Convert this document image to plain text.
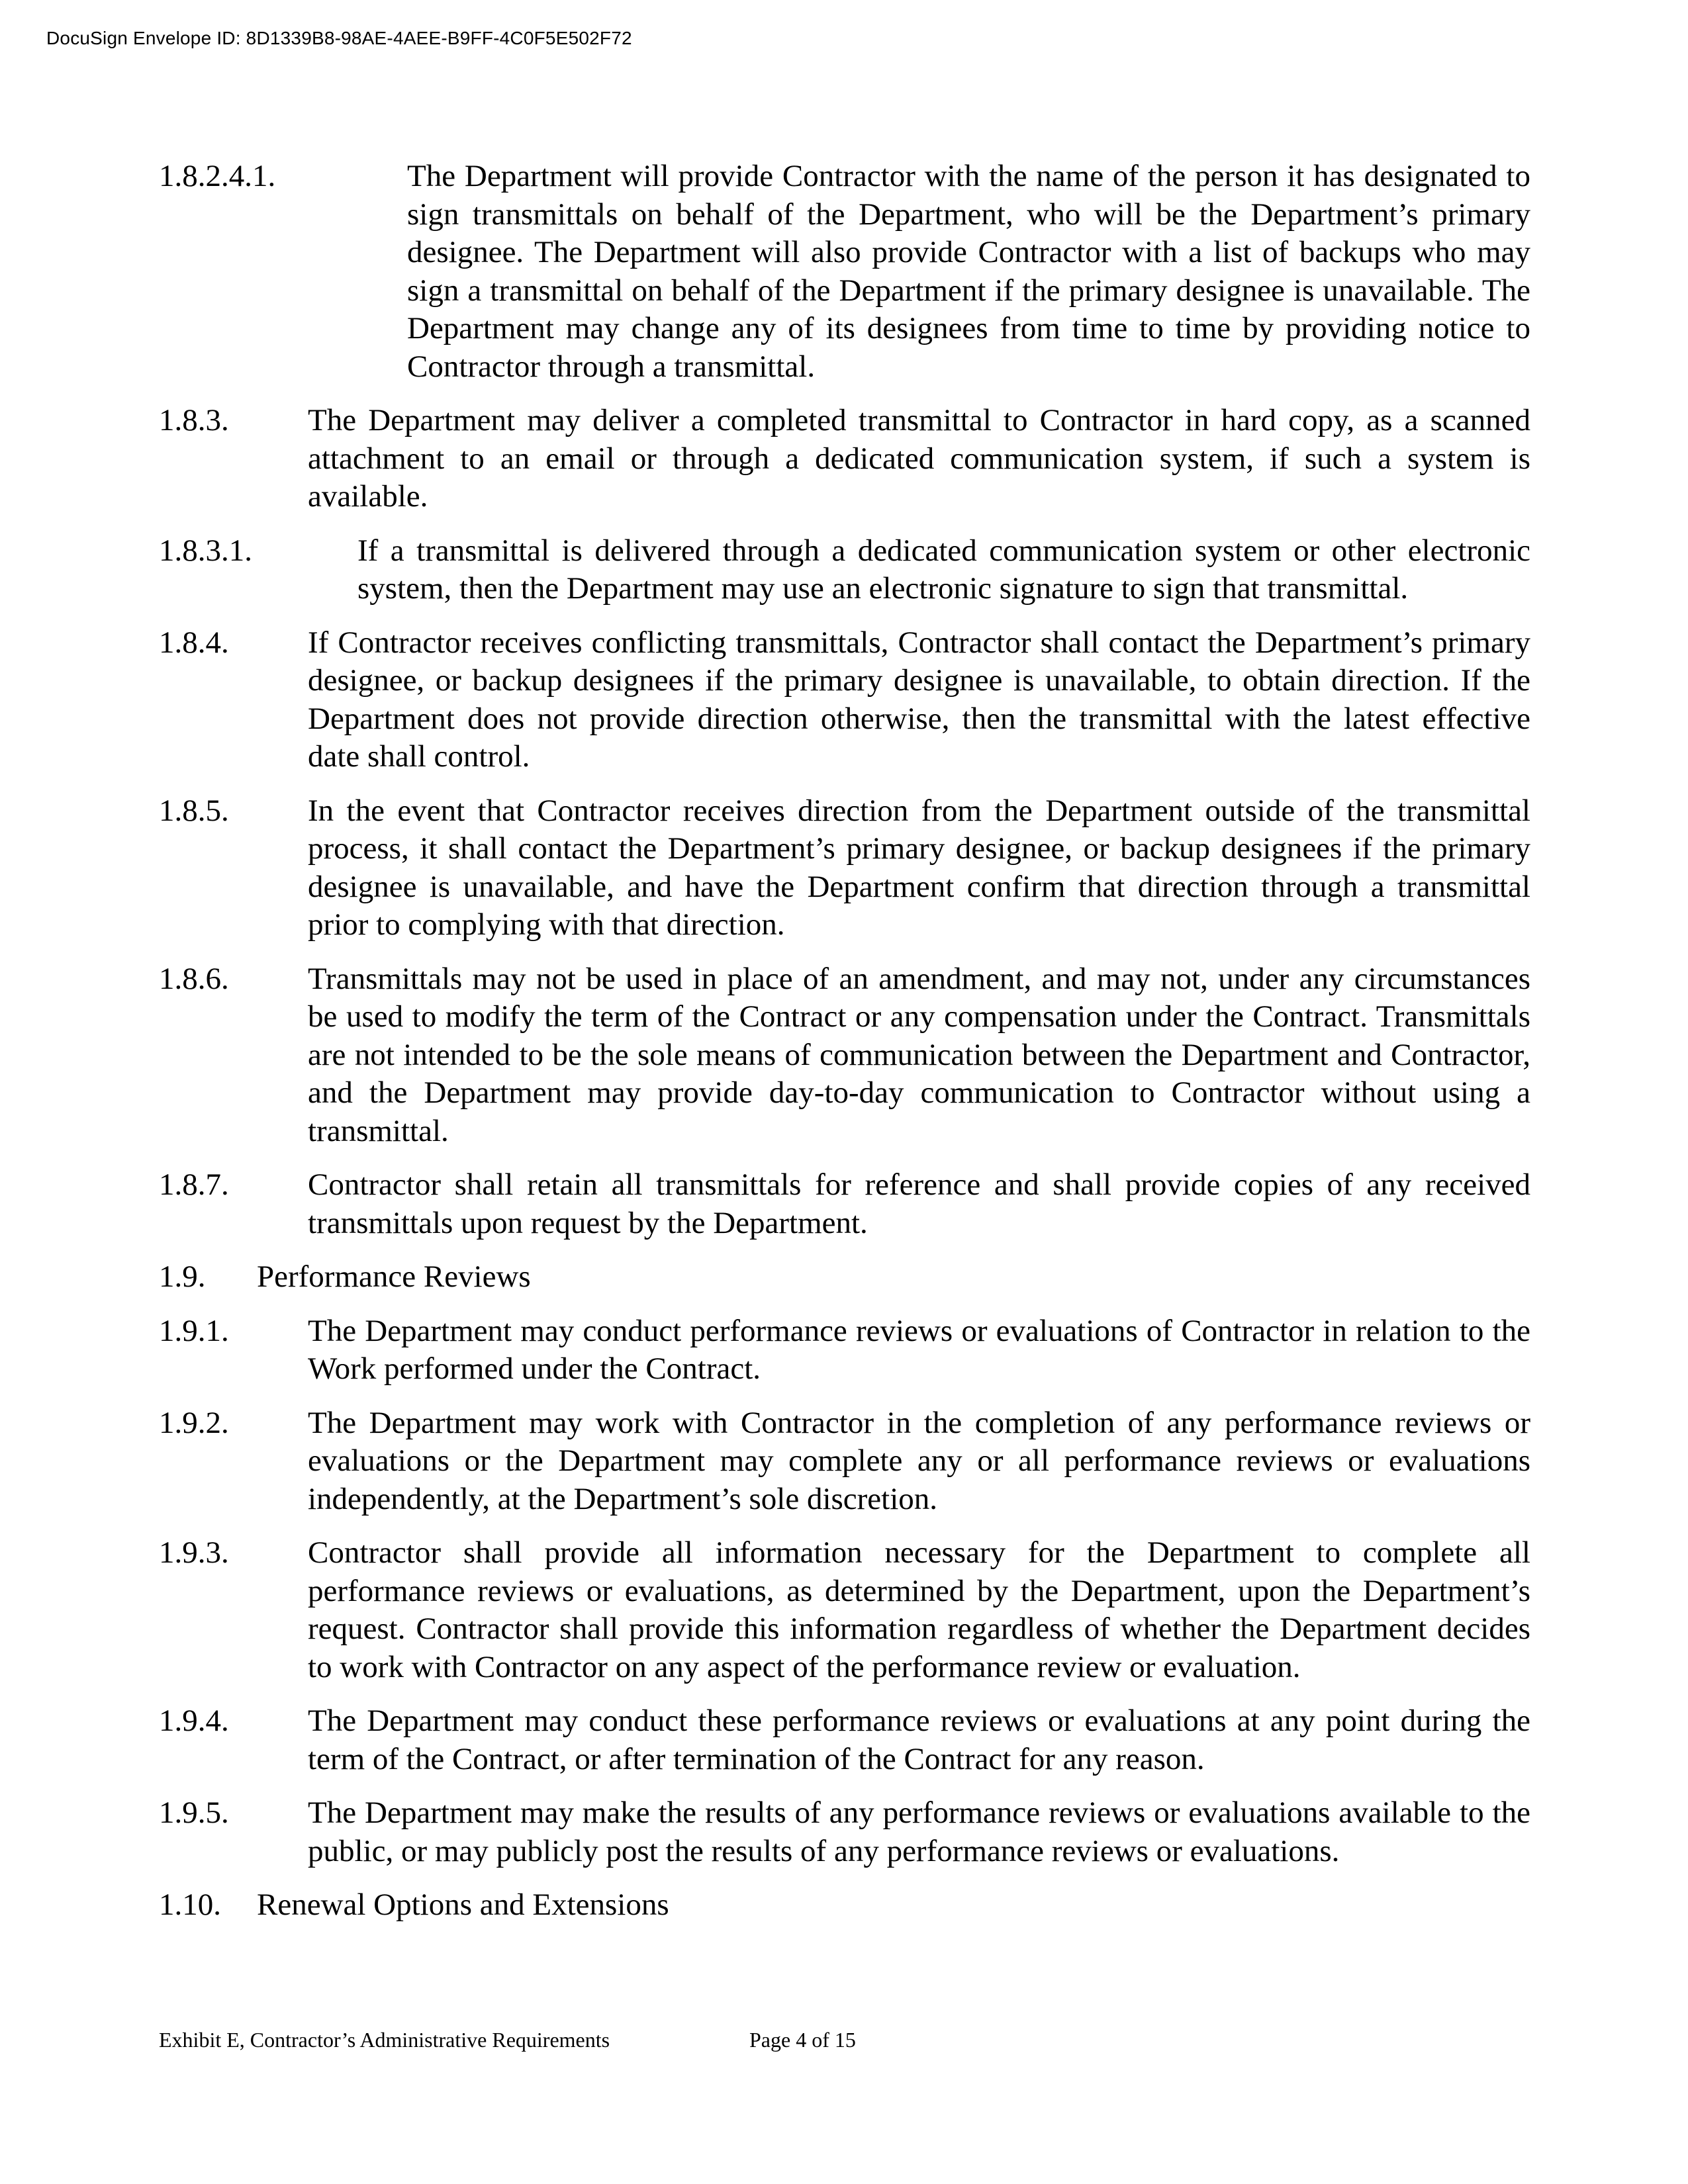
DocuSign Envelope ID: 8D1339B8-98AE-4AEE-B9FF-4C0F5E502F72
1.8.2.4.1.	The Department will provide Contractor with the name of the person it has designated to sign transmittals on behalf of the Department, who will be the Department’s primary designee. The Department will also provide Contractor with a list of backups who may sign a transmittal on behalf of the Department if the primary designee is unavailable. The Department may change any of its designees from time to time by providing notice to Contractor through a transmittal.
1.8.3.	The Department may deliver a completed transmittal to Contractor in hard copy, as a scanned attachment to an email or through a dedicated communication system, if such a system is available.
1.8.3.1.	If a transmittal is delivered through a dedicated communication system or other electronic system, then the Department may use an electronic signature to sign that transmittal.
1.8.4.	If Contractor receives conflicting transmittals, Contractor shall contact the Department’s primary designee, or backup designees if the primary designee is unavailable, to obtain direction. If the Department does not provide direction otherwise, then the transmittal with the latest effective date shall control.
1.8.5.	In the event that Contractor receives direction from the Department outside of the transmittal process, it shall contact the Department’s primary designee, or backup designees if the primary designee is unavailable, and have the Department confirm that direction through a transmittal prior to complying with that direction.
1.8.6.	Transmittals may not be used in place of an amendment, and may not, under any circumstances be used to modify the term of the Contract or any compensation under the Contract. Transmittals are not intended to be the sole means of communication between the Department and Contractor, and the Department may provide day-to-day communication to Contractor without using a transmittal.
1.8.7.	Contractor shall retain all transmittals for reference and shall provide copies of any received transmittals upon request by the Department.
1.9.	Performance Reviews
1.9.1.	The Department may conduct performance reviews or evaluations of Contractor in relation to the Work performed under the Contract.
1.9.2.	The Department may work with Contractor in the completion of any performance reviews or evaluations or the Department may complete any or all performance reviews or evaluations independently, at the Department’s sole discretion.
1.9.3.	Contractor shall provide all information necessary for the Department to complete all performance reviews or evaluations, as determined by the Department, upon the Department’s request. Contractor shall provide this information regardless of whether the Department decides to work with Contractor on any aspect of the performance review or evaluation.
1.9.4.	The Department may conduct these performance reviews or evaluations at any point during the term of the Contract, or after termination of the Contract for any reason.
1.9.5.	The Department may make the results of any performance reviews or evaluations available to the public, or may publicly post the results of any performance reviews or evaluations.
1.10.	Renewal Options and Extensions
Exhibit E, Contractor’s Administrative Requirements	Page 4 of 15
